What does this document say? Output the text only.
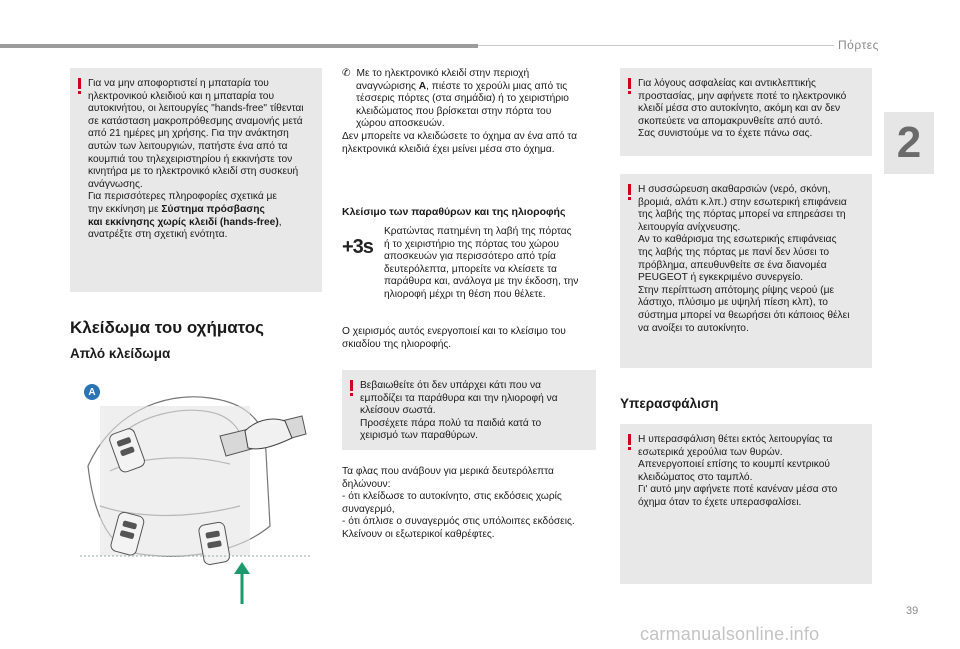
Πόρτες
2
Για να μην αποφορτιστεί η μπαταρία του
ηλεκτρονικού κλειδιού και η μπαταρία του
αυτοκινήτου, οι λειτουργίες "hands-free" τίθενται
σε κατάσταση μακροπρόθεσμης αναμονής μετά
από 21 ημέρες μη χρήσης. Για την ανάκτηση
αυτών των λειτουργιών, πατήστε ένα από τα
κουμπιά του τηλεχειριστηρίου ή εκκινήστε τον
κινητήρα με το ηλεκτρονικό κλειδί στη συσκευή
ανάγνωσης.
Για περισσότερες πληροφορίες σχετικά με
την εκκίνηση με Σύστημα πρόσβασης
και εκκίνησης χωρίς κλειδί (hands-free),
ανατρέξτε στη σχετική ενότητα.
Κλείδωμα του οχήματος
Απλό κλείδωμα
A
✆ Με το ηλεκτρονικό κλειδί στην περιοχή
αναγνώρισης A, πιέστε το χερούλι μιας από τις
τέσσερις πόρτες (στα σημάδια) ή το χειριστήριο
κλειδώματος που βρίσκεται στην πόρτα του
χώρου αποσκευών.
Δεν μπορείτε να κλειδώσετε το όχημα αν ένα από τα
ηλεκτρονικά κλειδιά έχει μείνει μέσα στο όχημα.
Κλείσιμο των παραθύρων και της ηλιοροφής
+3s
Κρατώντας πατημένη τη λαβή της πόρτας
ή το χειριστήριο της πόρτας του χώρου
αποσκευών για περισσότερο από τρία
δευτερόλεπτα, μπορείτε να κλείσετε τα
παράθυρα και, ανάλογα με την έκδοση, την
ηλιοροφή μέχρι τη θέση που θέλετε.
Ο χειρισμός αυτός ενεργοποιεί και το κλείσιμο του
σκιαδίου της ηλιοροφής.
Βεβαιωθείτε ότι δεν υπάρχει κάτι που να
εμποδίζει τα παράθυρα και την ηλιοροφή να
κλείσουν σωστά.
Προσέχετε πάρα πολύ τα παιδιά κατά το
χειρισμό των παραθύρων.
Τα φλας που ανάβουν για μερικά δευτερόλεπτα
δηλώνουν:
- ότι κλείδωσε το αυτοκίνητο, στις εκδόσεις χωρίς
συναγερμό,
- ότι όπλισε ο συναγερμός στις υπόλοιπες εκδόσεις.
Κλείνουν οι εξωτερικοί καθρέφτες.
Για λόγους ασφαλείας και αντικλεπτικής
προστασίας, μην αφήνετε ποτέ το ηλεκτρονικό
κλειδί μέσα στο αυτοκίνητο, ακόμη και αν δεν
σκοπεύετε να απομακρυνθείτε από αυτό.
Σας συνιστούμε να το έχετε πάνω σας.
Η συσσώρευση ακαθαρσιών (νερό, σκόνη,
βρομιά, αλάτι κ.λπ.) στην εσωτερική επιφάνεια
της λαβής της πόρτας μπορεί να επηρεάσει τη
λειτουργία ανίχνευσης.
Αν το καθάρισμα της εσωτερικής επιφάνειας
της λαβής της πόρτας με πανί δεν λύσει το
πρόβλημα, απευθυνθείτε σε ένα διανομέα
PEUGEOT ή εγκεκριμένο συνεργείο.
Στην περίπτωση απότομης ρίψης νερού (με
λάστιχο, πλύσιμο με υψηλή πίεση κλπ), το
σύστημα μπορεί να θεωρήσει ότι κάποιος θέλει
να ανοίξει το αυτοκίνητο.
Υπερασφάλιση
Η υπερασφάλιση θέτει εκτός λειτουργίας τα
εσωτερικά χερούλια των θυρών.
Απενεργοποιεί επίσης το κουμπί κεντρικού
κλειδώματος στο ταμπλό.
Γι' αυτό μην αφήνετε ποτέ κανέναν μέσα στο
όχημα όταν το έχετε υπερασφαλίσει.
39
carmanualsonline.info
